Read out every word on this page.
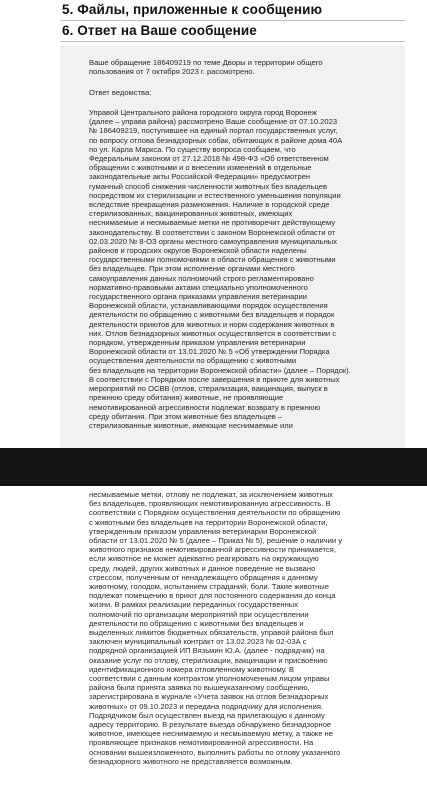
5. Файлы, приложенные к сообщению
6. Ответ на Ваше сообщение
Ваше обращение 186409219 по теме Дворы и территории общего
пользования от 7 октября 2023 г. рассмотрено.
Ответ ведомства:
Управой Центрального района городского округа город Воронеж
(далее – управа района) рассмотрено Ваше сообщение от 07.10.2023
№ 186409219, поступившее на единый портал государственных услуг,
по вопросу отлова безнадзорных собак, обитающих в районе дома 40А
по ул. Карла Маркса. По существу вопроса сообщаем, что
Федеральным законом от 27.12.2018 № 498-ФЗ «Об ответственном
обращении с животными и о внесении изменений в отдельные
законодательные акты Российской Федерации» предусмотрен
гуманный способ снижения численности животных без владельцев
посредством их стерилизации и естественного уменьшения популяции
вследствие прекращения размножения. Наличие в городской среде
стерилизованных, вакцинированных животных, имеющих
неснимаемые и несмываемые метки не противоречит действующему
законодательству. В соответствии с законом Воронежской области от
02.03.2020 № 8-ОЗ органы местного самоуправления муниципальных
районов и городских округов Воронежской области наделены
государственными полномочиями в области обращения с животными
без владельцев. При этом исполнение органами местного
самоуправления данных полномочий строго регламентировано
нормативно-правовыми актами специально уполномоченного
государственного органа приказами управления ветеринарии
Воронежской области, устанавливающими порядок осуществления
деятельности по обращению с животными без владельцев и порядок
деятельности приютов для животных и норм содержания животных в
них. Отлов безнадзорных животных осуществляется в соответствии с
порядком, утвержденным приказом управления ветеринарии
Воронежской области от 13.01.2020 № 5 «Об утверждении Порядка
осуществления деятельности по обращению с животными
без владельцев на территории Воронежской области» (далее – Порядок).
В соответствии с Порядком после завершения в приюте для животных
мероприятий по ОСВВ (отлов, стерилизация, вакцинация, выпуск в
прежнюю среду обитания) животные, не проявляющие
немотивированной агрессивности подлежат возврату в прежнюю
среду обитания. При этом животные без владельцев –
стерилизованные животные, имеющие неснимаемые или
несмываемые метки, отлову не подлежат, за исключением животных
без владельцев, проявляющих немотивированную агрессивность. В
соответствии с Порядком осуществления деятельности по обращению
с животными без владельцев на территории Воронежской области,
утвержденным приказом управления ветеринарии Воронежской
области от 13.01.2020 № 5 (далее – Приказ № 5), решение о наличии у
животного признаков немотивированной агрессивности принимается,
если животное не может адекватно реагировать на окружающую
среду, людей, других животных и данное поведение не вызвано
стрессом, полученным от ненадлежащего обращения к данному
животному, голодом, испытанием страданий, боли. Такие животные
подлежат помещению в приют для постоянного содержания до конца
жизни. В рамках реализации переданных государственных
полномочий по организации мероприятий при осуществлении
деятельности по обращению с животными без владельцев и
выделенных лимитов бюджетных обязательств, управой района был
заключен муниципальный контракт от 13.02.2023 № 02-03А с
подрядной организацией ИП Вязьмин Ю.А. (далее - подрядчик) на
оказание услуг по отлову, стерилизации, вакцинации и присвоению
идентификационного номера отловленному животному. В
соответствии с данным контрактом уполномоченным лицом управы
района была принята заявка по вышеуказанному сообщению,
зарегистрирована в журнале «Учета заявок на отлов безнадзорных
животных» от 09.10.2023 и передана подрядчику для исполнения.
Подрядчиком был осуществлен выезд на прилегающую к данному
адресу территорию. В результате выезда обнаружено безнадзорное
животное, имеющее неснимаемую и несмываемую метку, а также не
проявляющее признаков немотивированной агрессивности. На
основании вышеизложенного, выполнить работы по отлову указанного
безнадзорного животного не представляется возможным.
